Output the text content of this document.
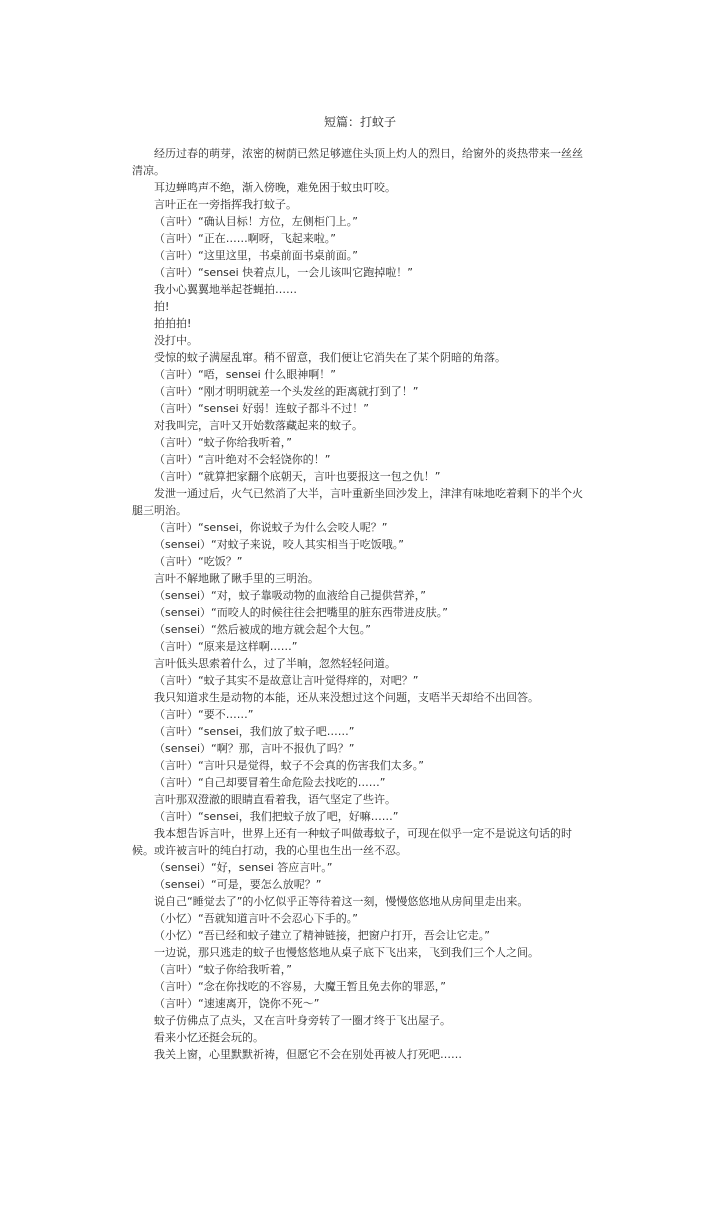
短篇：打蚊子

经历过春的萌芽，浓密的树荫已然足够遮住头顶上灼人的烈日，给窗外的炎热带来一丝丝清凉。

耳边蝉鸣声不绝，渐入傍晚，难免困于蚊虫叮咬。

言叶正在一旁指挥我打蚊子。

（言叶）“确认目标！方位，左侧柜门上。”

（言叶）“正在……啊呀，飞起来啦。”

（言叶）“这里这里，书桌前面书桌前面。”

（言叶）“sensei 快着点儿，一会儿该叫它跑掉啦！”

我小心翼翼地举起苍蝇拍……

拍!

拍拍拍!

没打中。

受惊的蚊子满屋乱窜。稍不留意，我们便让它消失在了某个阴暗的角落。

（言叶）“唔，sensei 什么眼神啊！”

（言叶）“刚才明明就差一个头发丝的距离就打到了！”

（言叶）“sensei 好弱！连蚊子都斗不过！”

对我叫完，言叶又开始数落藏起来的蚊子。

（言叶）“蚊子你给我听着，”

（言叶）“言叶绝对不会轻饶你的！”

（言叶）“就算把家翻个底朝天，言叶也要报这一包之仇！”

发泄一通过后，火气已然消了大半，言叶重新坐回沙发上，津津有味地吃着剩下的半个火腿三明治。

（言叶）“sensei，你说蚊子为什么会咬人呢？”

（sensei）“对蚊子来说，咬人其实相当于吃饭哦。”

（言叶）“吃饭？”

言叶不解地瞅了瞅手里的三明治。

（sensei）“对，蚊子靠吸动物的血液给自己提供营养，”

（sensei）“而咬人的时候往往会把嘴里的脏东西带进皮肤。”

（sensei）“然后被成的地方就会起个大包。”

（言叶）“原来是这样啊……”

言叶低头思索着什么，过了半晌，忽然轻轻问道。

（言叶）“蚊子其实不是故意让言叶觉得痒的，对吧？”

我只知道求生是动物的本能，还从来没想过这个问题，支唔半天却给不出回答。

（言叶）“要不……”

（言叶）“sensei，我们放了蚊子吧……”

（sensei）“啊？那，言叶不报仇了吗？”

（言叶）“言叶只是觉得，蚊子不会真的伤害我们太多。”

（言叶）“自己却要冒着生命危险去找吃的……”

言叶那双澄澈的眼睛直看着我，语气坚定了些许。

（言叶）“sensei，我们把蚊子放了吧，好嘛……”

我本想告诉言叶，世界上还有一种蚊子叫做毒蚊子，可现在似乎一定不是说这句话的时候。或许被言叶的纯白打动，我的心里也生出一丝不忍。

（sensei）“好，sensei 答应言叶。”

（sensei）“可是，要怎么放呢？”

说自己“睡觉去了”的小忆似乎正等待着这一刻，慢慢悠悠地从房间里走出来。

（小忆）“吾就知道言叶不会忍心下手的。”

（小忆）“吾已经和蚊子建立了精神链接，把窗户打开，吾会让它走。”

一边说，那只逃走的蚊子也慢悠悠地从桌子底下飞出来，飞到我们三个人之间。

（言叶）“蚊子你给我听着，”

（言叶）“念在你找吃的不容易，大魔王暂且免去你的罪恶，”

（言叶）“速速离开，饶你不死～”

蚊子仿佛点了点头，又在言叶身旁转了一圈才终于飞出屋子。

看来小忆还挺会玩的。

我关上窗，心里默默祈祷，但愿它不会在别处再被人打死吧……
